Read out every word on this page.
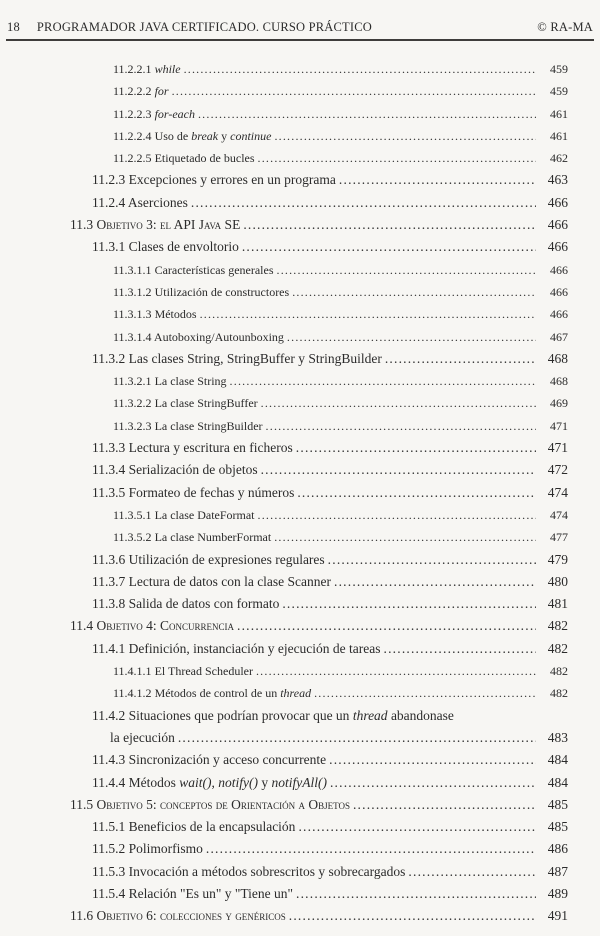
18 PROGRAMADOR JAVA CERTIFICADO. CURSO PRÁCTICO	© RA-MA
11.2.2.1 while .....	459
11.2.2.2 for .....	459
11.2.2.3 for-each .....	461
11.2.2.4 Uso de break y continue .....	461
11.2.2.5 Etiquetado de bucles .....	462
11.2.3 Excepciones y errores en un programa .....	463
11.2.4 Aserciones .....	466
11.3 Objetivo 3: el API Java SE .....	466
11.3.1 Clases de envoltorio .....	466
11.3.1.1 Características generales .....	466
11.3.1.2 Utilización de constructores .....	466
11.3.1.3 Métodos .....	466
11.3.1.4 Autoboxing/Autounboxing .....	467
11.3.2 Las clases String, StringBuffer y StringBuilder .....	468
11.3.2.1 La clase String .....	468
11.3.2.2 La clase StringBuffer .....	469
11.3.2.3 La clase StringBuilder .....	471
11.3.3 Lectura y escritura en ficheros .....	471
11.3.4 Serialización de objetos .....	472
11.3.5 Formateo de fechas y números .....	474
11.3.5.1 La clase DateFormat .....	474
11.3.5.2 La clase NumberFormat .....	477
11.3.6 Utilización de expresiones regulares .....	479
11.3.7 Lectura de datos con la clase Scanner .....	480
11.3.8 Salida de datos con formato .....	481
11.4 Objetivo 4: Concurrencia .....	482
11.4.1 Definición, instanciación y ejecución de tareas .....	482
11.4.1.1 El Thread Scheduler .....	482
11.4.1.2 Métodos de control de un thread .....	482
11.4.2 Situaciones que podrían provocar que un thread abandonase
la ejecución .....	483
11.4.3 Sincronización y acceso concurrente .....	484
11.4.4 Métodos wait(), notify() y notifyAll() .....	484
11.5 Objetivo 5: conceptos de Orientación a Objetos .....	485
11.5.1 Beneficios de la encapsulación .....	485
11.5.2 Polimorfismo .....	486
11.5.3 Invocación a métodos sobrescritos y sobrecargados .....	487
11.5.4 Relación "Es un" y "Tiene un" .....	489
11.6 Objetivo 6: colecciones y genéricos .....	491
